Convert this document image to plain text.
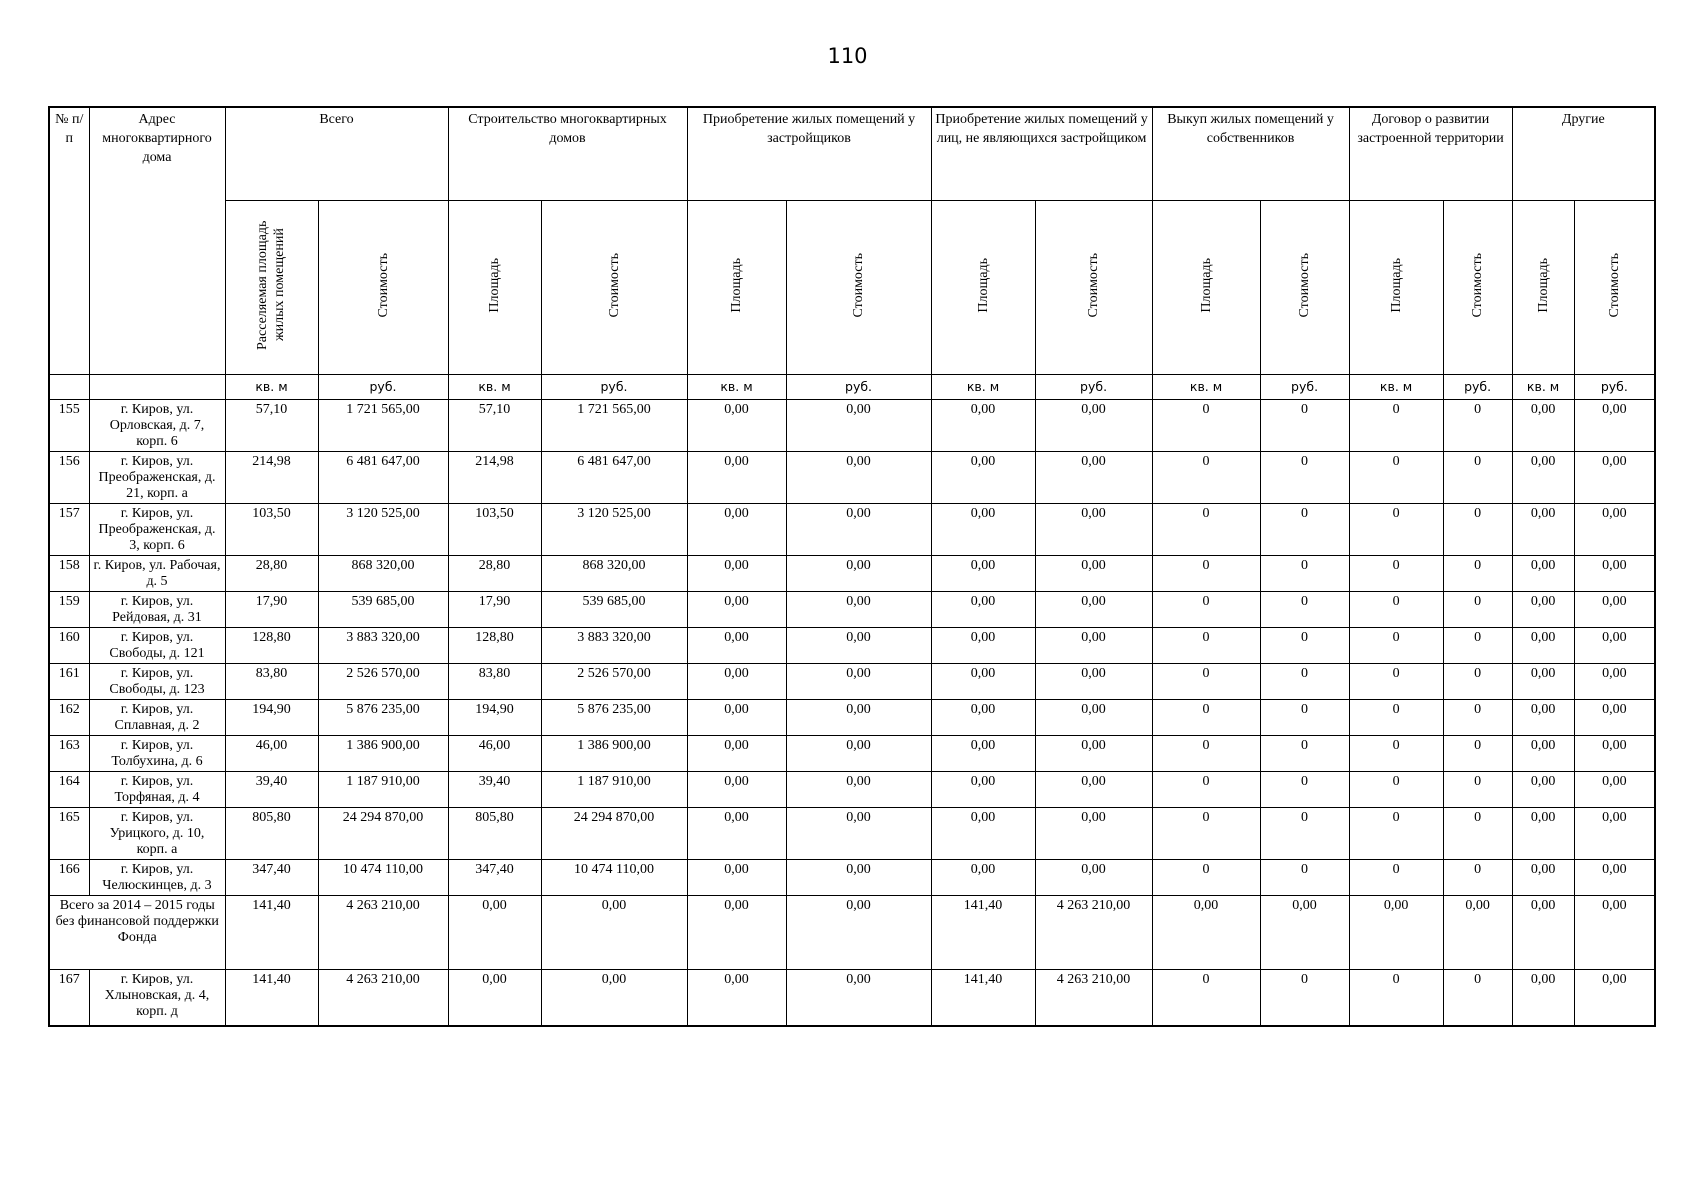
110
№ п/п	Адрес многоквартирного дома	Всего		Строительство многоквартирных домов		Приобретение жилых помещений у застройщиков		Приобретение жилых помещений у лиц, не являющихся застройщиком		Выкуп жилых помещений у собственников		Договор о развитии застроенной территории		Другие	
		Расселяемая площадь жилых помещений	Стоимость	Площадь	Стоимость	Площадь	Стоимость	Площадь	Стоимость	Площадь	Стоимость	Площадь	Стоимость	Площадь	Стоимость
		кв. м	руб.	кв. м	руб.	кв. м	руб.	кв. м	руб.	кв. м	руб.	кв. м	руб.	кв. м	руб.
155	г. Киров, ул. Орловская, д. 7, корп. 6	57,10	1 721 565,00	57,10	1 721 565,00	0,00	0,00	0,00	0,00	0	0	0	0	0,00	0,00
156	г. Киров, ул. Преображенская, д. 21, корп. а	214,98	6 481 647,00	214,98	6 481 647,00	0,00	0,00	0,00	0,00	0	0	0	0	0,00	0,00
157	г. Киров, ул. Преображенская, д. 3, корп. 6	103,50	3 120 525,00	103,50	3 120 525,00	0,00	0,00	0,00	0,00	0	0	0	0	0,00	0,00
158	г. Киров, ул. Рабочая, д. 5	28,80	868 320,00	28,80	868 320,00	0,00	0,00	0,00	0,00	0	0	0	0	0,00	0,00
159	г. Киров, ул. Рейдовая, д. 31	17,90	539 685,00	17,90	539 685,00	0,00	0,00	0,00	0,00	0	0	0	0	0,00	0,00
160	г. Киров, ул. Свободы, д. 121	128,80	3 883 320,00	128,80	3 883 320,00	0,00	0,00	0,00	0,00	0	0	0	0	0,00	0,00
161	г. Киров, ул. Свободы, д. 123	83,80	2 526 570,00	83,80	2 526 570,00	0,00	0,00	0,00	0,00	0	0	0	0	0,00	0,00
162	г. Киров, ул. Сплавная, д. 2	194,90	5 876 235,00	194,90	5 876 235,00	0,00	0,00	0,00	0,00	0	0	0	0	0,00	0,00
163	г. Киров, ул. Толбухина, д. 6	46,00	1 386 900,00	46,00	1 386 900,00	0,00	0,00	0,00	0,00	0	0	0	0	0,00	0,00
164	г. Киров, ул. Торфяная, д. 4	39,40	1 187 910,00	39,40	1 187 910,00	0,00	0,00	0,00	0,00	0	0	0	0	0,00	0,00
165	г. Киров, ул. Урицкого, д. 10, корп. а	805,80	24 294 870,00	805,80	24 294 870,00	0,00	0,00	0,00	0,00	0	0	0	0	0,00	0,00
166	г. Киров, ул. Челюскинцев, д. 3	347,40	10 474 110,00	347,40	10 474 110,00	0,00	0,00	0,00	0,00	0	0	0	0	0,00	0,00
Всего за 2014 – 2015 годы без финансовой поддержки Фонда		141,40	4 263 210,00	0,00	0,00	0,00	0,00	141,40	4 263 210,00	0,00	0,00	0,00	0,00	0,00	0,00
167	г. Киров, ул. Хлыновская, д. 4, корп. д	141,40	4 263 210,00	0,00	0,00	0,00	0,00	141,40	4 263 210,00	0	0	0	0	0,00	0,00
